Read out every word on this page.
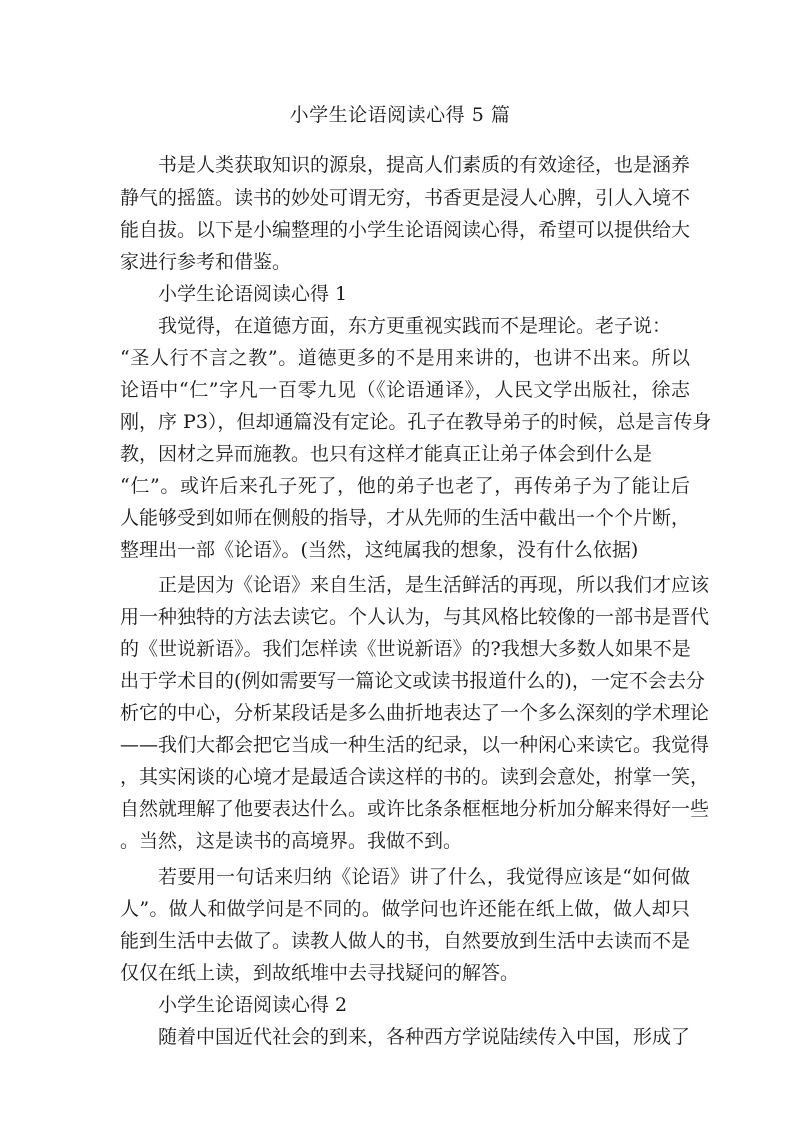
小学生论语阅读心得 5 篇
书是人类获取知识的源泉，提高人们素质的有效途径，也是涵养
静气的摇篮。读书的妙处可谓无穷，书香更是浸人心脾，引人入境不
能自拔。以下是小编整理的小学生论语阅读心得，希望可以提供给大
家进行参考和借鉴。
小学生论语阅读心得 1
我觉得，在道德方面，东方更重视实践而不是理论。老子说：
“圣人行不言之教”。道德更多的不是用来讲的，也讲不出来。所以
论语中“仁”字凡一百零九见（《论语通译》，人民文学出版社，徐志
刚，序 P3），但却通篇没有定论。孔子在教导弟子的时候，总是言传身
教，因材之异而施教。也只有这样才能真正让弟子体会到什么是
“仁”。或许后来孔子死了，他的弟子也老了，再传弟子为了能让后
人能够受到如师在侧般的指导，才从先师的生活中截出一个个片断，
整理出一部《论语》。(当然，这纯属我的想象，没有什么依据)
正是因为《论语》来自生活，是生活鲜活的再现，所以我们才应该
用一种独特的方法去读它。个人认为，与其风格比较像的一部书是晋代
的《世说新语》。我们怎样读《世说新语》的?我想大多数人如果不是
出于学术目的(例如需要写一篇论文或读书报道什么的)，一定不会去分
析它的中心，分析某段话是多么曲折地表达了一个多么深刻的学术理论
——我们大都会把它当成一种生活的纪录，以一种闲心来读它。我觉得
，其实闲谈的心境才是最适合读这样的书的。读到会意处，拊掌一笑，
自然就理解了他要表达什么。或许比条条框框地分析加分解来得好一些
。当然，这是读书的高境界。我做不到。
若要用一句话来归纳《论语》讲了什么，我觉得应该是“如何做
人”。做人和做学问是不同的。做学问也许还能在纸上做，做人却只
能到生活中去做了。读教人做人的书，自然要放到生活中去读而不是
仅仅在纸上读，到故纸堆中去寻找疑问的解答。
小学生论语阅读心得 2
随着中国近代社会的到来，各种西方学说陆续传入中国，形成了
